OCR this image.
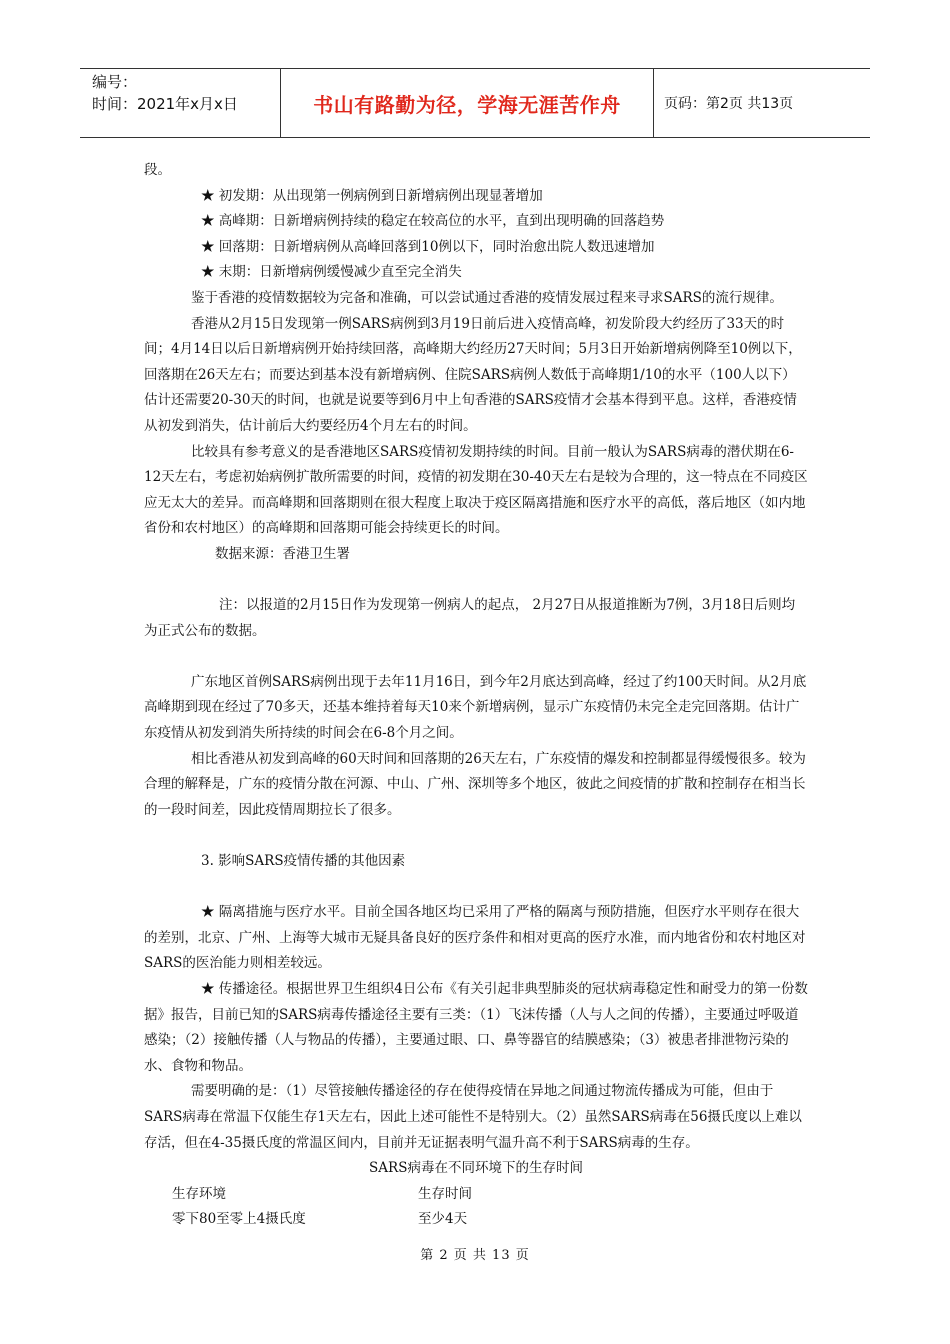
编号：
时间：2021年x月x日	书山有路勤为径，学海无涯苦作舟	页码：第2页 共13页

段。

★ 初发期：从出现第一例病例到日新增病例出现显著增加

★ 高峰期：日新增病例持续的稳定在较高位的水平，直到出现明确的回落趋势

★ 回落期：日新增病例从高峰回落到10例以下，同时治愈出院人数迅速增加

★ 末期：日新增病例缓慢减少直至完全消失

鉴于香港的疫情数据较为完备和准确，可以尝试通过香港的疫情发展过程来寻求SARS的流行规律。

香港从2月15日发现第一例SARS病例到3月19日前后进入疫情高峰，初发阶段大约经历了33天的时间；4月14日以后日新增病例开始持续回落，高峰期大约经历27天时间；5月3日开始新增病例降至10例以下，回落期在26天左右；而要达到基本没有新增病例、住院SARS病例人数低于高峰期1/10的水平（100人以下）估计还需要20-30天的时间，也就是说要等到6月中上旬香港的SARS疫情才会基本得到平息。这样，香港疫情从初发到消失，估计前后大约要经历4个月左右的时间。

比较具有参考意义的是香港地区SARS疫情初发期持续的时间。目前一般认为SARS病毒的潜伏期在6-12天左右，考虑初始病例扩散所需要的时间，疫情的初发期在30-40天左右是较为合理的，这一特点在不同疫区应无太大的差异。而高峰期和回落期则在很大程度上取决于疫区隔离措施和医疗水平的高低，落后地区（如内地省份和农村地区）的高峰期和回落期可能会持续更长的时间。

数据来源：香港卫生署

注：以报道的2月15日作为发现第一例病人的起点， 2月27日从报道推断为7例，3月18日后则均为正式公布的数据。

广东地区首例SARS病例出现于去年11月16日，到今年2月底达到高峰，经过了约100天时间。从2月底高峰期到现在经过了70多天，还基本维持着每天10来个新增病例，显示广东疫情仍未完全走完回落期。估计广东疫情从初发到消失所持续的时间会在6-8个月之间。

相比香港从初发到高峰的60天时间和回落期的26天左右，广东疫情的爆发和控制都显得缓慢很多。较为合理的解释是，广东的疫情分散在河源、中山、广州、深圳等多个地区，彼此之间疫情的扩散和控制存在相当长的一段时间差，因此疫情周期拉长了很多。

3. 影响SARS疫情传播的其他因素

★ 隔离措施与医疗水平。目前全国各地区均已采用了严格的隔离与预防措施，但医疗水平则存在很大的差别，北京、广州、上海等大城市无疑具备良好的医疗条件和相对更高的医疗水准，而内地省份和农村地区对SARS的医治能力则相差较远。

★ 传播途径。根据世界卫生组织4日公布《有关引起非典型肺炎的冠状病毒稳定性和耐受力的第一份数据》报告，目前已知的SARS病毒传播途径主要有三类：（1）飞沫传播（人与人之间的传播），主要通过呼吸道感染；（2）接触传播（人与物品的传播），主要通过眼、口、鼻等器官的结膜感染；（3）被患者排泄物污染的水、食物和物品。

需要明确的是：（1）尽管接触传播途径的存在使得疫情在异地之间通过物流传播成为可能，但由于SARS病毒在常温下仅能生存1天左右，因此上述可能性不是特别大。（2）虽然SARS病毒在56摄氏度以上难以存活，但在4-35摄氏度的常温区间内，目前并无证据表明气温升高不利于SARS病毒的生存。

SARS病毒在不同环境下的生存时间

生存环境	生存时间
零下80至零上4摄氏度	至少4天
第 2 页 共 13 页
